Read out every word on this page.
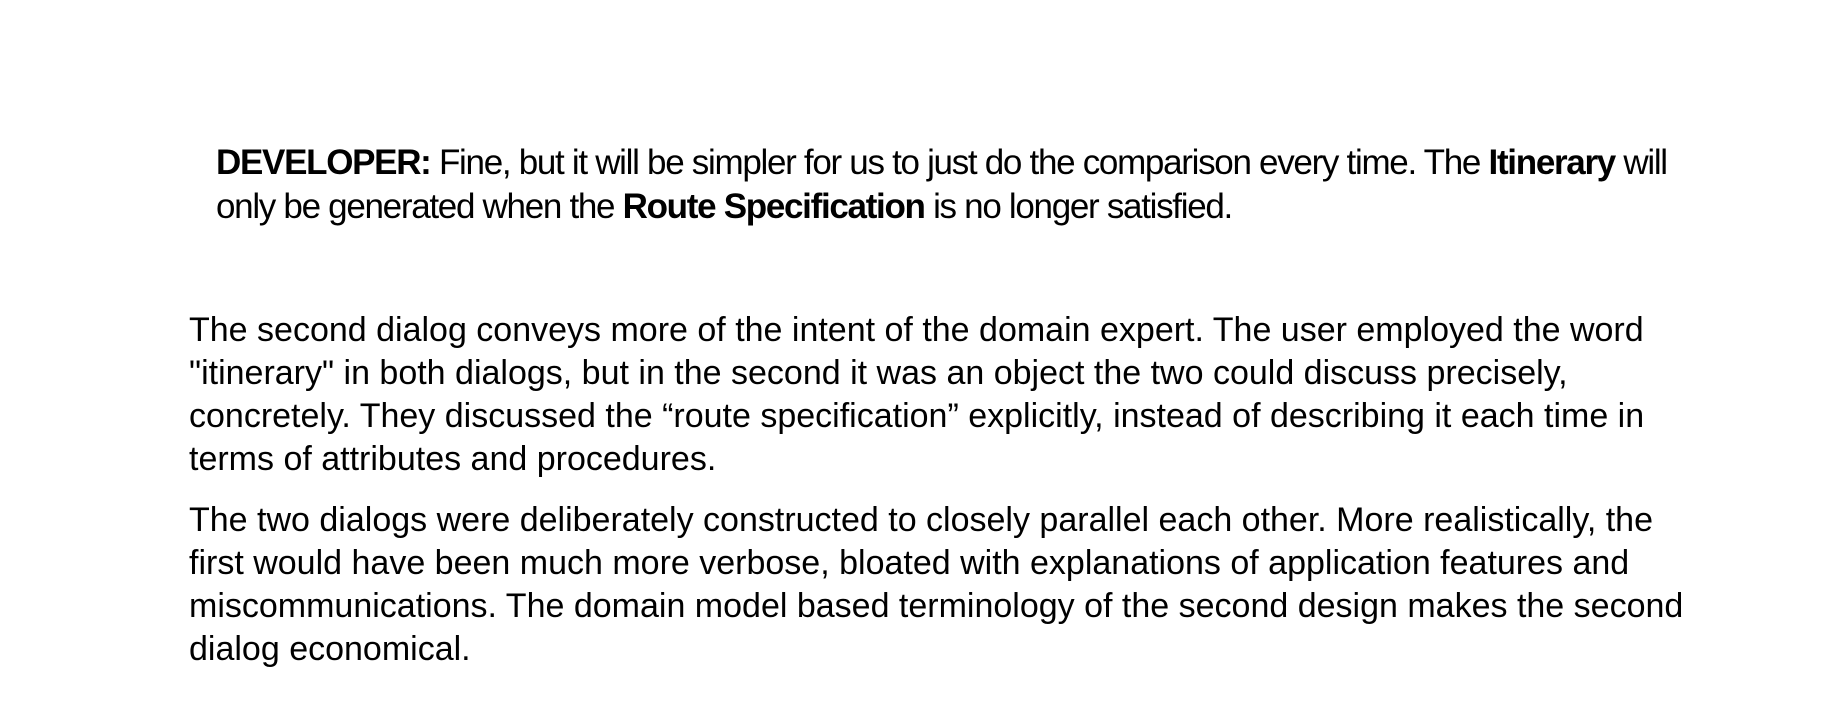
DEVELOPER: Fine, but it will be simpler for us to just do the comparison every time. The Itinerary will only be generated when the Route Specification is no longer satisfied.

The second dialog conveys more of the intent of the domain expert. The user employed the word "itinerary" in both dialogs, but in the second it was an object the two could discuss precisely, concretely. They discussed the “route specification” explicitly, instead of describing it each time in terms of attributes and procedures.

The two dialogs were deliberately constructed to closely parallel each other. More realistically, the first would have been much more verbose, bloated with explanations of application features and miscommunications. The domain model based terminology of the second design makes the second dialog economical.
